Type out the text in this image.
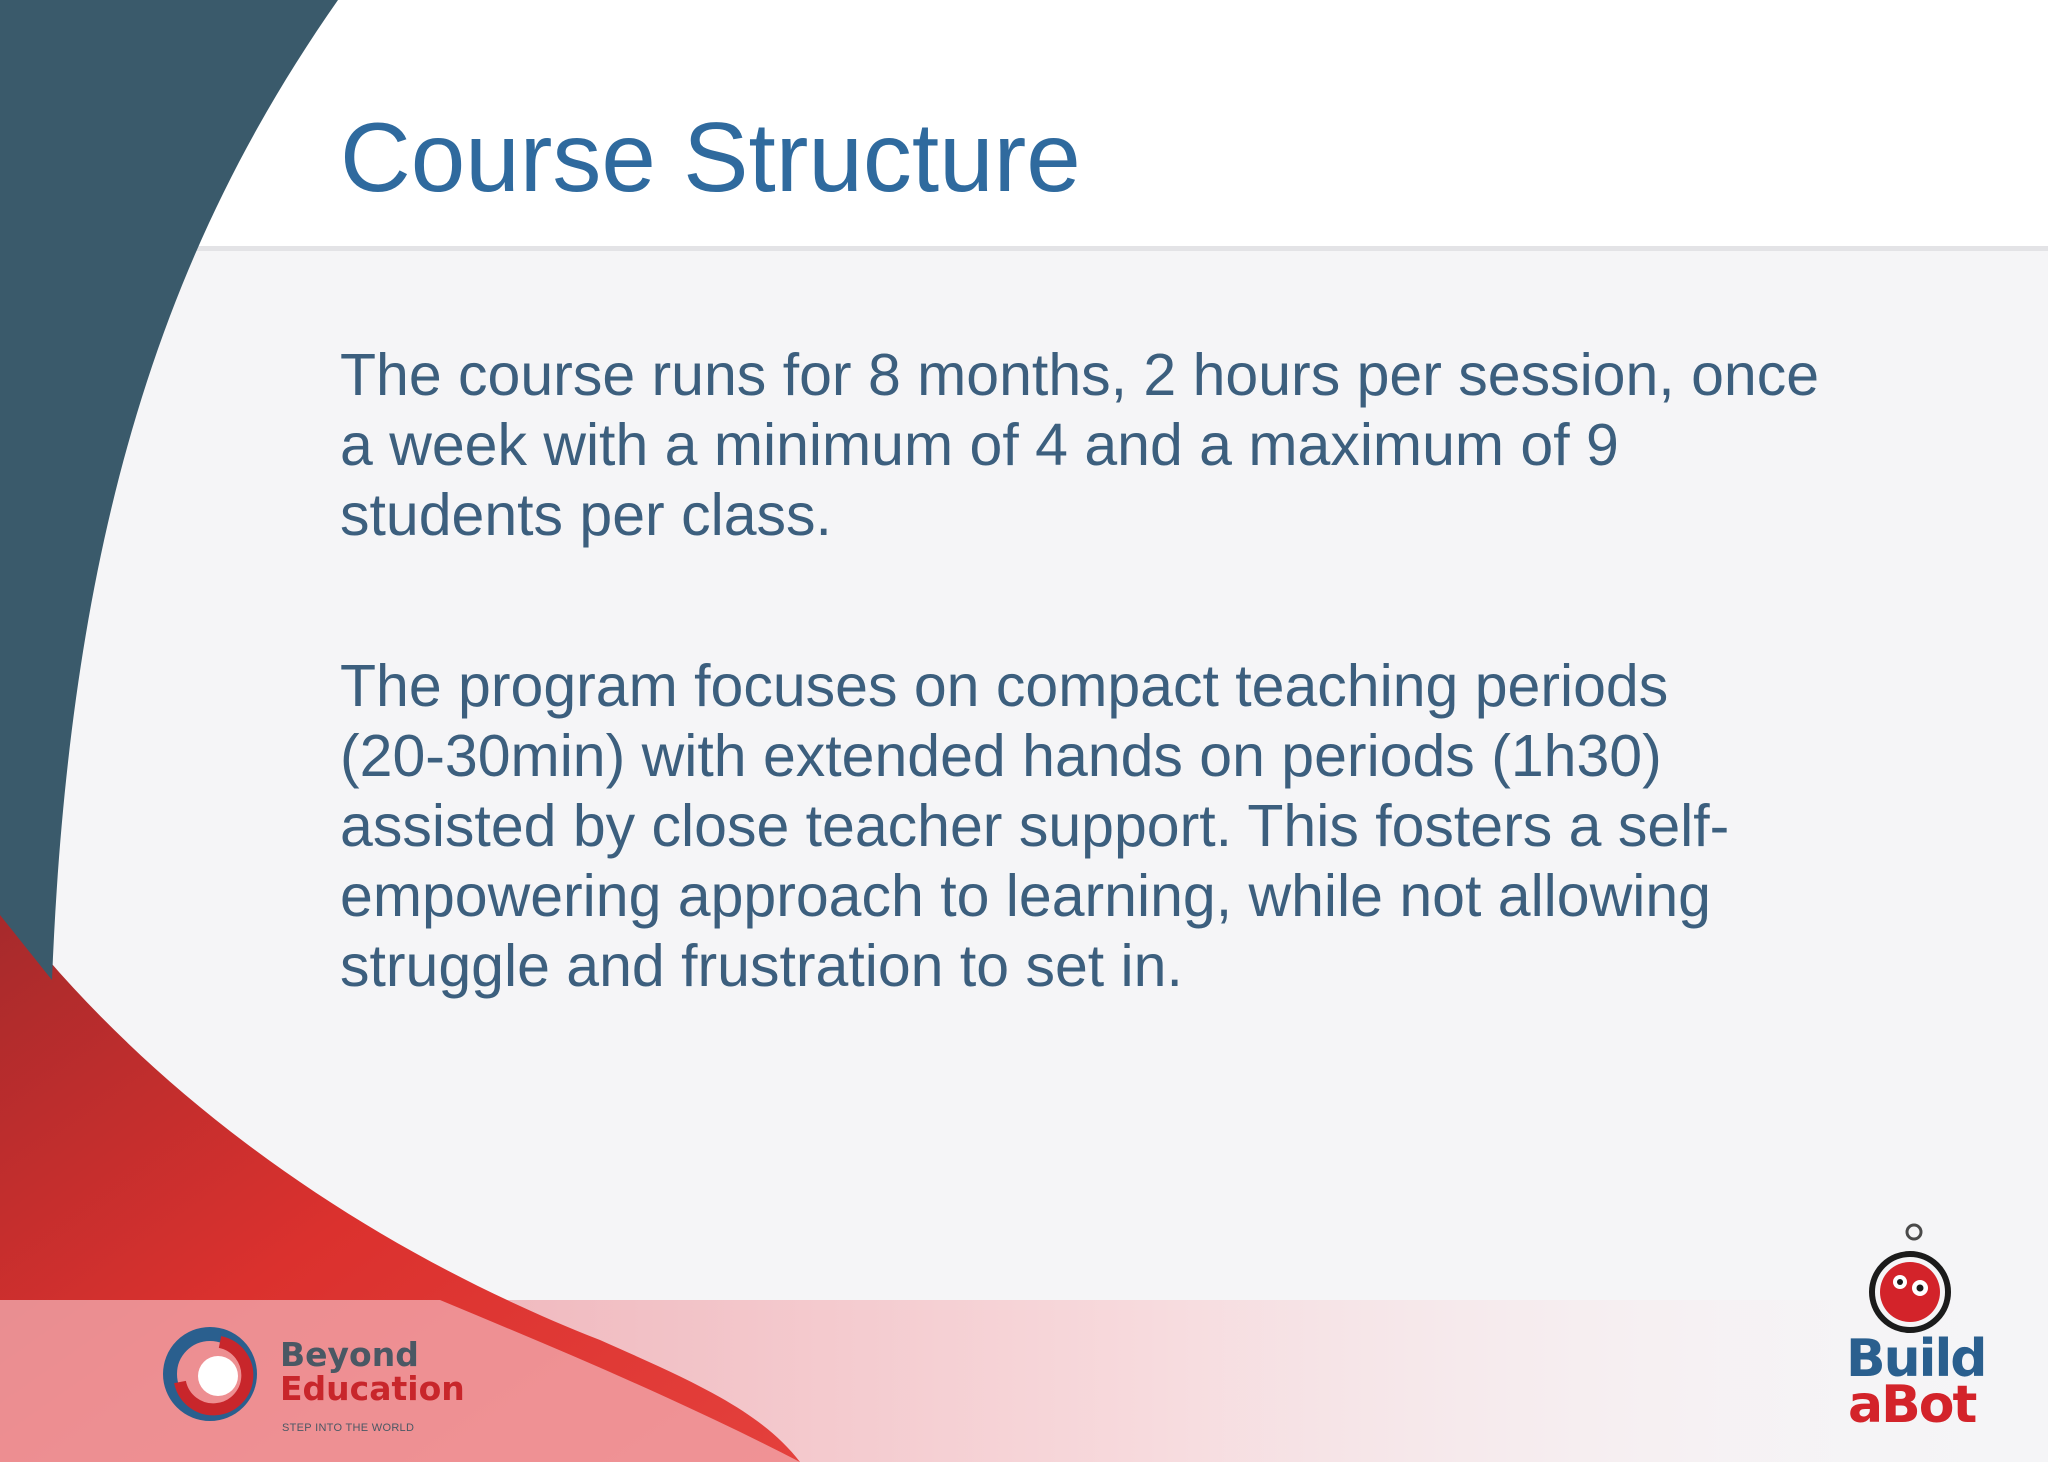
Course Structure

The course runs for 8 months, 2 hours per session, once
a week with a minimum of 4 and a maximum of 9
students per class.

The program focuses on compact teaching periods
(20-30min) with extended hands on periods (1h30)
assisted by close teacher support. This fosters a self-
empowering approach to learning, while not allowing
struggle and frustration to set in.

Beyond
Education
STEP INTO THE WORLD
Build
aBot
